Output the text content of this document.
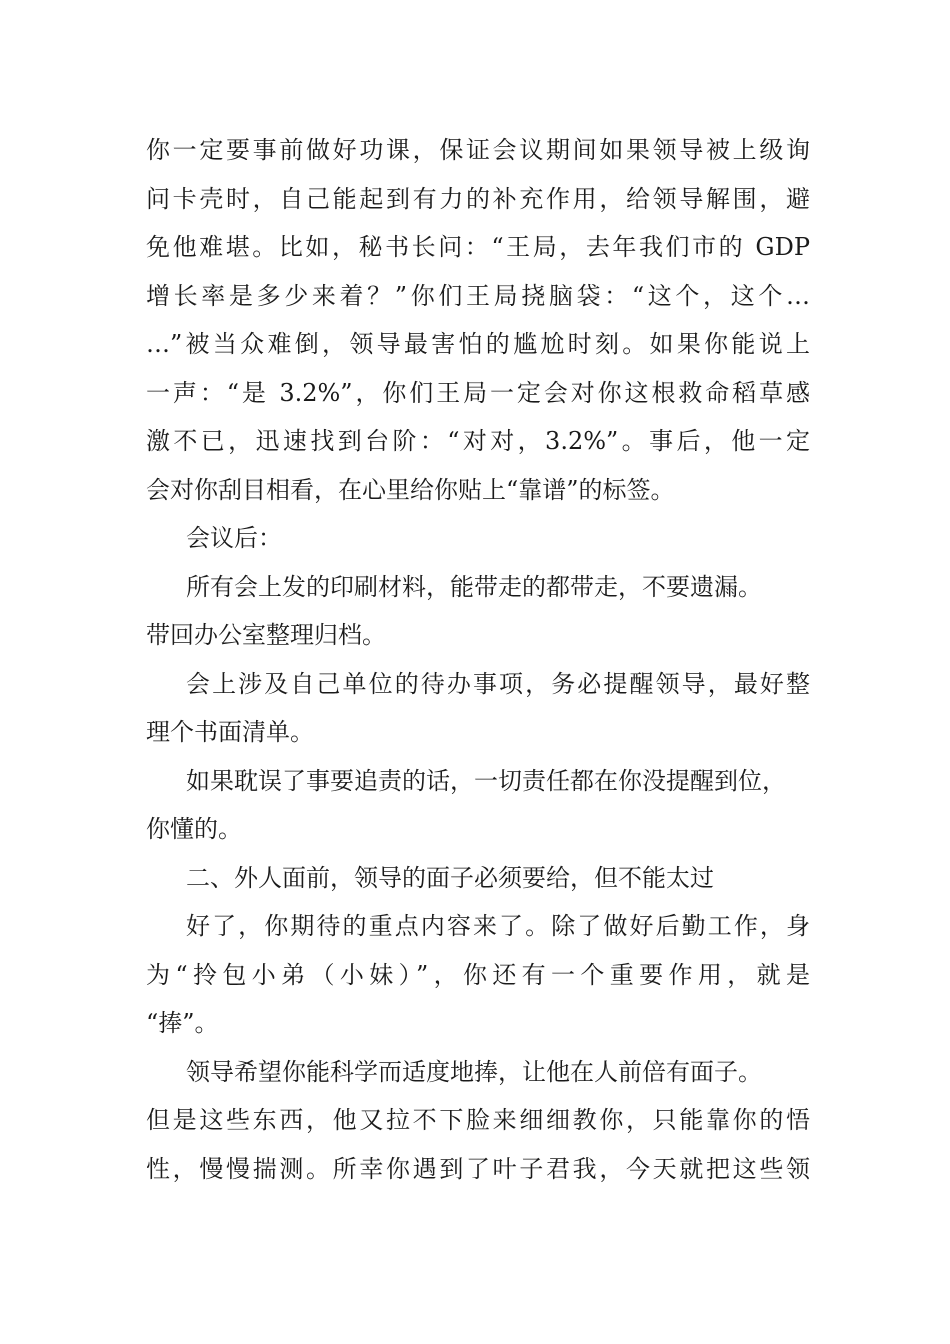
你一定要事前做好功课，保证会议期间如果领导被上级询
问卡壳时，自己能起到有力的补充作用，给领导解围，避
免他难堪。比如，秘书长问：“王局，去年我们市的 GDP
增长率是多少来着？”你们王局挠脑袋：“这个，这个…
…”被当众难倒，领导最害怕的尴尬时刻。如果你能说上
一声：“是 3.2%”，你们王局一定会对你这根救命稻草感
激不已，迅速找到台阶：“对对，3.2%”。事后，他一定
会对你刮目相看，在心里给你贴上“靠谱”的标签。
会议后：
所有会上发的印刷材料，能带走的都带走，不要遗漏。
带回办公室整理归档。
会上涉及自己单位的待办事项，务必提醒领导，最好整
理个书面清单。
如果耽误了事要追责的话，一切责任都在你没提醒到位，
你懂的。
二、外人面前，领导的面子必须要给，但不能太过
好了，你期待的重点内容来了。除了做好后勤工作，身
为“拎包小弟（小妹）”，你还有一个重要作用，就是
“捧”。
领导希望你能科学而适度地捧，让他在人前倍有面子。
但是这些东西，他又拉不下脸来细细教你，只能靠你的悟
性，慢慢揣测。所幸你遇到了叶子君我，今天就把这些领
